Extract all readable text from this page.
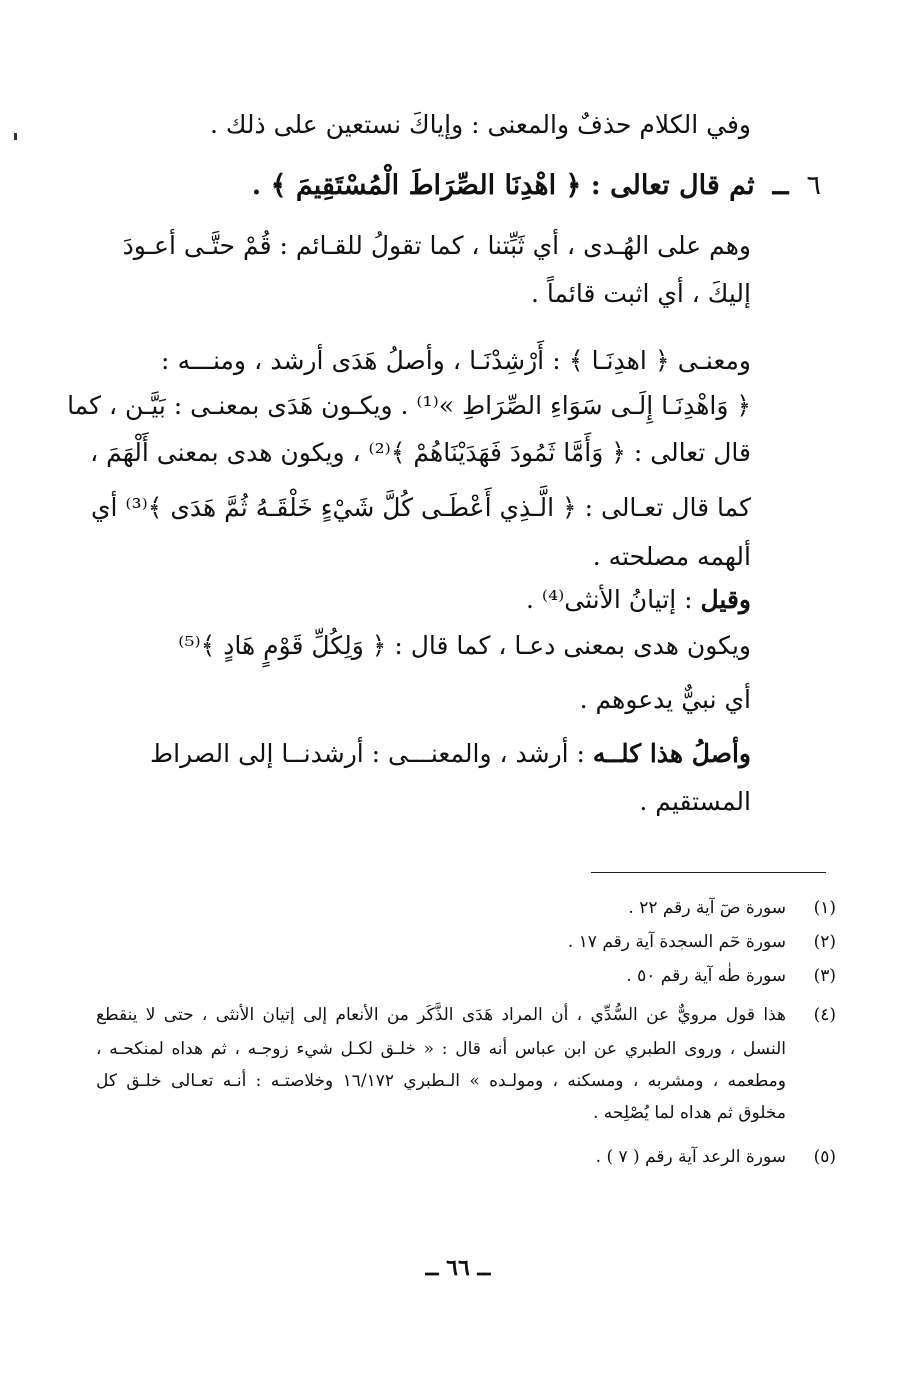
وفي الكلام حذفٌ والمعنى : وإياكَ نستعين على ذلك .
٦ــثم قال تعالى : ﴿ اهْدِنَا الصِّرَاطَ الْمُسْتَقِيمَ ﴾ .
وهم على الهُـدى ، أي ثَبِّتنا ، كما تقولُ للقـائم : قُمْ حتَّـى أعـودَ
إليكَ ، أي اثبت قائماً .
ومعنـى ﴿ اهدِنَـا ﴾ : أَرْشِدْنَـا ، وأصلُ هَدَى أرشد ، ومنـــه :
﴿ وَاهْدِنَـا إِلَـى سَوَاءِ الصِّرَاطِ »⁽¹⁾ . ويكـون هَدَى بمعنـى : بَيَّـن ، كما
قال تعالى : ﴿ وَأَمَّا ثَمُودَ فَهَدَيْنَاهُمْ ﴾⁽²⁾ ، ويكون هدى بمعنى أَلْهَمَ ،
كما قال تعـالى : ﴿ الَّـذِي أَعْطَـى كُلَّ شَيْءٍ خَلْقَـهُ ثُمَّ هَدَى ﴾⁽³⁾ أي
ألهمه مصلحته .
وقيل : إتيانُ الأنثى⁽⁴⁾ .
ويكون هدى بمعنى دعـا ، كما قال : ﴿ وَلِكُلِّ قَوْمٍ هَادٍ ﴾⁽⁵⁾
أي نبيٌّ يدعوهم .
وأصلُ هذا كلــه : أرشد ، والمعنـــى : أرشدنــا إلى الصراط
المستقيم .
(١)
سورة صٓ آية رقم ٢٢ .
(٢)
سورة حٓم السجدة آية رقم ١٧ .
(٣)
سورة طٰه آية رقم ٥٠ .
(٤)
هذا قول مرويٌّ عن السُّدِّي ، أن المراد هَدَى الذَّكَر من الأنعام إلى إتيان الأنثى ، حتى لا ينقطع
النسل ، وروى الطبري عن ابن عباس أنه قال : « خلـق لكـل شيء زوجـه ، ثم هداه لمنكحـه ،
ومطعمه ، ومشربه ، ومسكنه ، ومولـده » الـطبري ١٦/١٧٢ وخلاصتـه : أنـه تعـالى خلـق كل
مخلوق ثم هداه لما يُصْلِحه .
(٥)
سورة الرعد آية رقم ( ٧ ) .
ــ ٦٦ ــ
